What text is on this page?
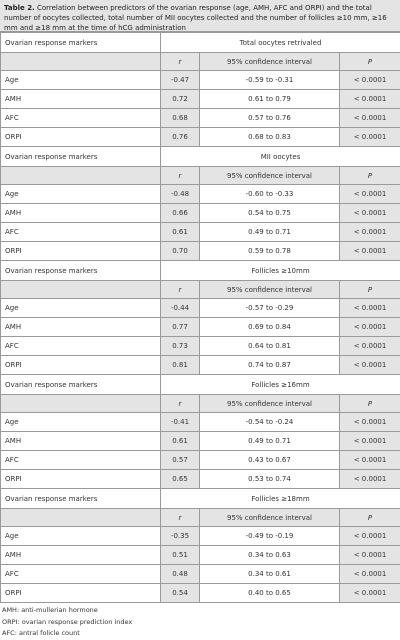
Table 2. Correlation between predictors of the ovarian response (age, AMH, AFC and ORPI) and the total number of oocytes collected, total number of MII oocytes collected and the number of follicles ≥10 mm, ≥16 mm and ≥18 mm at the time of hCG administration
Ovarian response markers	Total oocytes retrivaled		
	r	95% confidence interval	P
Age	-0.47	-0.59 to -0.31	< 0.0001
AMH	0.72	0.61 to 0.79	< 0.0001
AFC	0.68	0.57 to 0.76	< 0.0001
ORPI	0.76	0.68 to 0.83	< 0.0001
Ovarian response markers	MII oocytes		
	r	95% confidence interval	P
Age	-0.48	-0.60 to -0.33	< 0.0001
AMH	0.66	0.54 to 0.75	< 0.0001
AFC	0.61	0.49 to 0.71	< 0.0001
ORPI	0.70	0.59 to 0.78	< 0.0001
Ovarian response markers	Follicles ≥10mm		
	r	95% confidence interval	P
Age	-0.44	-0.57 to -0.29	< 0.0001
AMH	0.77	0.69 to 0.84	< 0.0001
AFC	0.73	0.64 to 0.81	< 0.0001
ORPI	0.81	0.74 to 0.87	< 0.0001
Ovarian response markers	Follicles ≥16mm		
	r	95% confidence interval	P
Age	-0.41	-0.54 to -0.24	< 0.0001
AMH	0.61	0.49 to 0.71	< 0.0001
AFC	0.57	0.43 to 0.67	< 0.0001
ORPI	0.65	0.53 to 0.74	< 0.0001
Ovarian response markers	Follicles ≥18mm		
	r	95% confidence interval	P
Age	-0.35	-0.49 to -0.19	< 0.0001
AMH	0.51	0.34 to 0.63	< 0.0001
AFC	0.48	0.34 to 0.61	< 0.0001
ORPI	0.54	0.40 to 0.65	< 0.0001
AMH: anti-mullerian hormone
ORPI: ovarian response prediction index
AFC: antral folicle count
